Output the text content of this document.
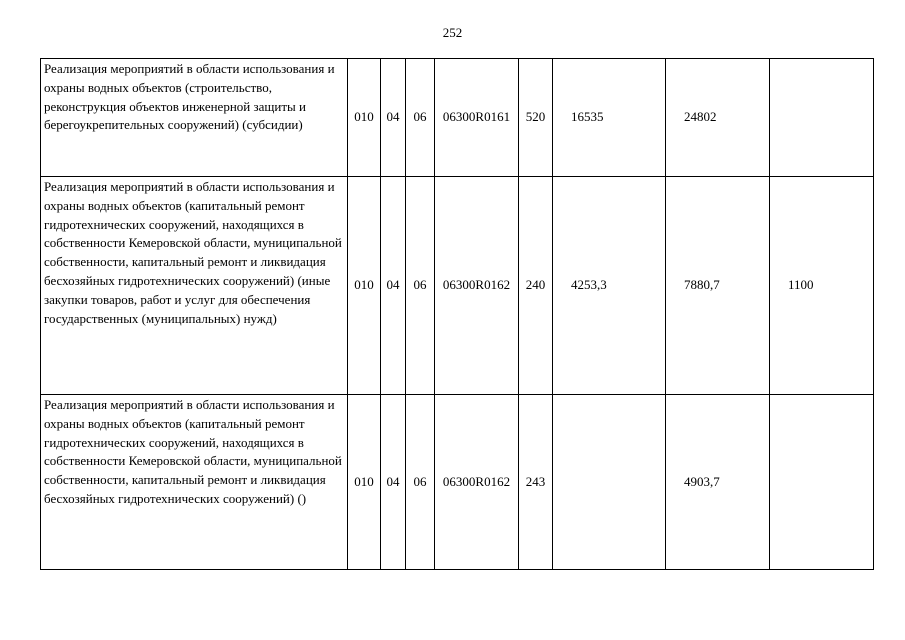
252
Реализация мероприятий в области использования и охраны водных объектов (строительство, реконструкция объектов инженерной защиты и берегоукрепительных сооружений) (субсидии)	010	04	06	06300R0161	520	16535	24802	
Реализация мероприятий в области использования и охраны водных объектов (капитальный ремонт гидротехнических сооружений, находящихся в собственности Кемеровской области, муниципальной собственности, капитальный ремонт и ликвидация бесхозяйных гидротехнических сооружений) (иные закупки товаров, работ и услуг для обеспечения государственных (муниципальных) нужд)	010	04	06	06300R0162	240	4253,3	7880,7	1100
Реализация мероприятий в области использования и охраны водных объектов (капитальный ремонт гидротехнических сооружений, находящихся в собственности Кемеровской области, муниципальной собственности, капитальный ремонт и ликвидация бесхозяйных гидротехнических сооружений) ()	010	04	06	06300R0162	243		4903,7	
